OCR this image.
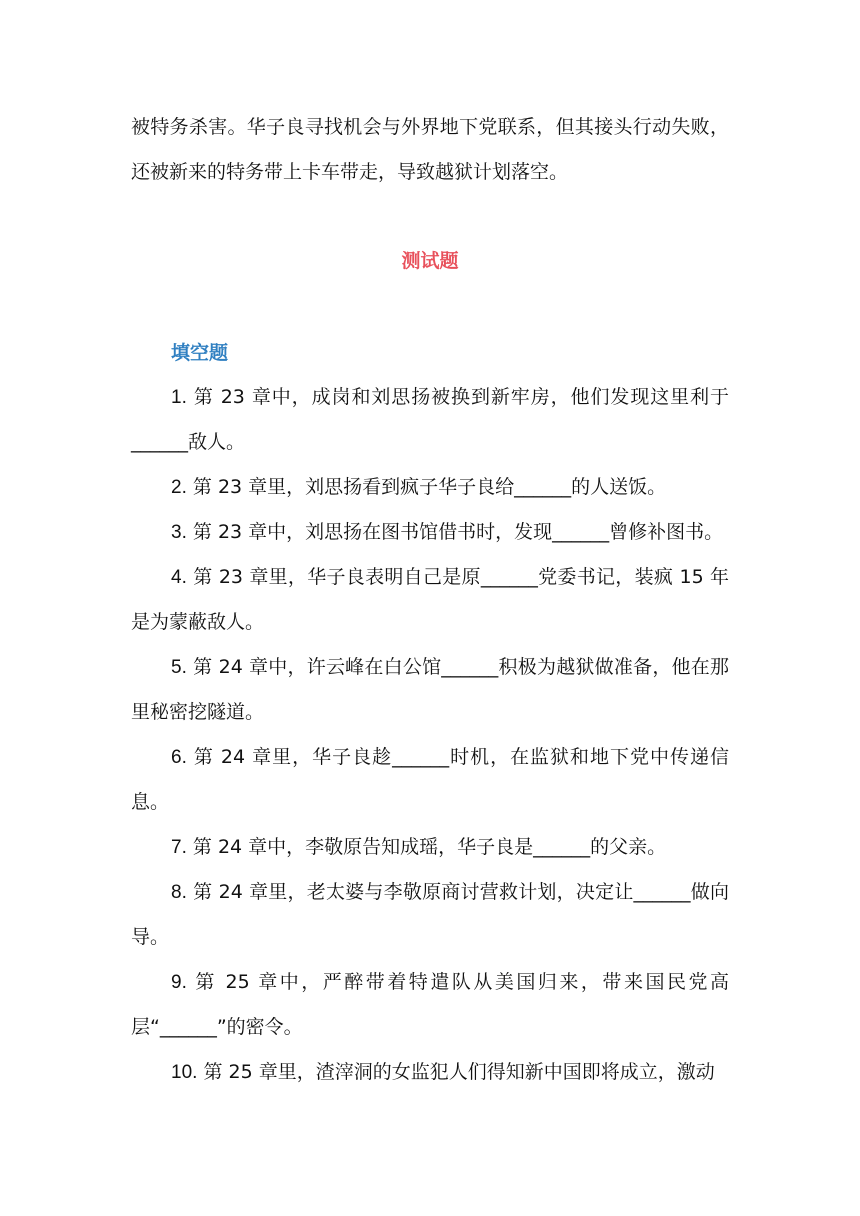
被特务杀害。华子良寻找机会与外界地下党联系，但其接头行动失败，还被新来的特务带上卡车带走，导致越狱计划落空。

测试题
填空题

1. 第 23 章中，成岗和刘思扬被换到新牢房，他们发现这里利于______敌人。

2. 第 23 章里，刘思扬看到疯子华子良给______的人送饭。

3. 第 23 章中，刘思扬在图书馆借书时，发现______曾修补图书。

4. 第 23 章里，华子良表明自己是原______党委书记，装疯 15 年是为蒙蔽敌人。

5. 第 24 章中，许云峰在白公馆______积极为越狱做准备，他在那里秘密挖隧道。

6. 第 24 章里，华子良趁______时机，在监狱和地下党中传递信息。

7. 第 24 章中，李敬原告知成瑶，华子良是______的父亲。

8. 第 24 章里，老太婆与李敬原商讨营救计划，决定让______做向导。

9. 第 25 章中，严醉带着特遣队从美国归来，带来国民党高层“______”的密令。

10. 第 25 章里，渣滓洞的女监犯人们得知新中国即将成立，激动
